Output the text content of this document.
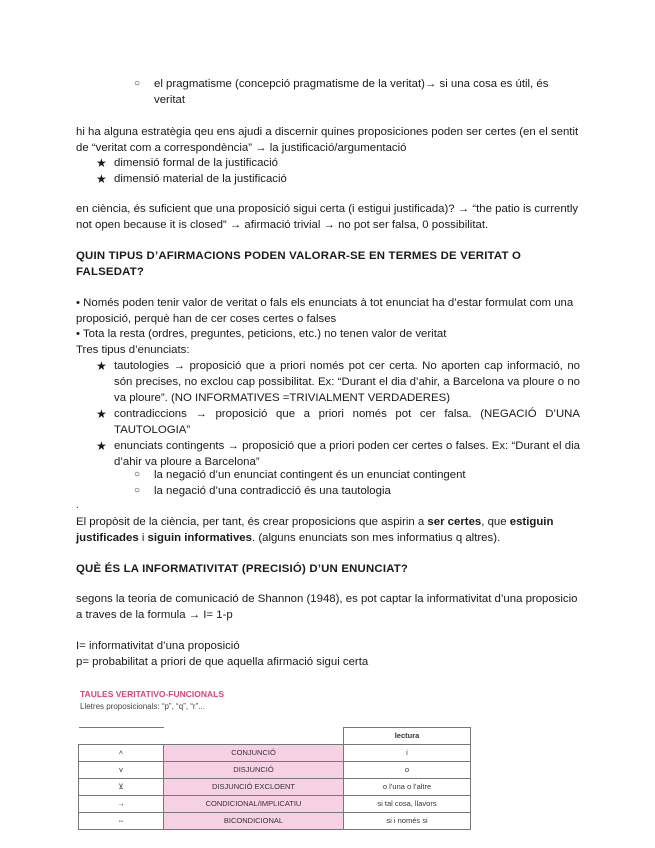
○ el pragmatisme (concepció pragmatisme de la veritat)→ si una cosa es útil, és veritat

hi ha alguna estratègia qeu ens ajudi a discernir quines proposiciones poden ser certes (en el sentit de “veritat com a correspondència” → la justificació/argumentació

★ dimensió formal de la justificació
★ dimensió material de la justificació

en ciència, és suficient que una proposició sigui certa (i estigui justificada)? → “the patio is currently not open because it is closed” → afirmació trivial → no pot ser falsa, 0 possibilitat.

QUIN TIPUS D’AFIRMACIONS PODEN VALORAR-SE EN TERMES DE VERITAT O FALSEDAT?

• Només poden tenir valor de veritat o fals els enunciats à tot enunciat ha d’estar formulat com una proposició, perquè han de cer coses certes o falses

• Tota la resta (ordres, preguntes, peticions, etc.) no tenen valor de veritat

Tres tipus d’enunciats:

★ tautologies → proposició que a priori només pot cer certa. No aporten cap informació, no són precises, no exclou cap possibilitat. Ex: “Durant el dia d’ahir, a Barcelona va ploure o no va ploure”. (NO INFORMATIVES =TRIVIALMENT VERDADERES)
★ contradiccions → proposició que a priori només pot cer falsa. (NEGACIÓ D’UNA TAUTOLOGIA”
★ enunciats contingents → proposició que a priori poden cer certes o falses. Ex: “Durant el dia d’ahir va ploure a Barcelona”
○ la negació d’un enunciat contingent és un enunciat contingent
○ la negació d’una contradicció és una tautologia

.

El propòsit de la ciència, per tant, és crear proposicions que aspirin a ser certes, que estiguin justificades i siguin informatives. (alguns enunciats son mes informatius q altres).

QUÈ ÉS LA INFORMATIVITAT (PRECISIÓ) D’UN ENUNCIAT?

segons la teoria de comunicació de Shannon (1948), es pot captar la informativitat d’una proposicio a traves de la formula → I= 1-p

I= informativitat d’una proposició

p= probabilitat a priori de que aquella afirmació sigui certa

TAULES VERITATIVO-FUNCIONALS
Lletres proposicionals: “p”, “q”, “r”...
		lectura
˄	CONJUNCIÓ	i
v	DISJUNCIÓ	o
⊻	DISJUNCIÓ EXCLOENT	o l’una o l’altre
→	CONDICIONAL/IMPLICATIU	si tal cosa, llavors
⇔	BICONDICIONAL	si i només si
